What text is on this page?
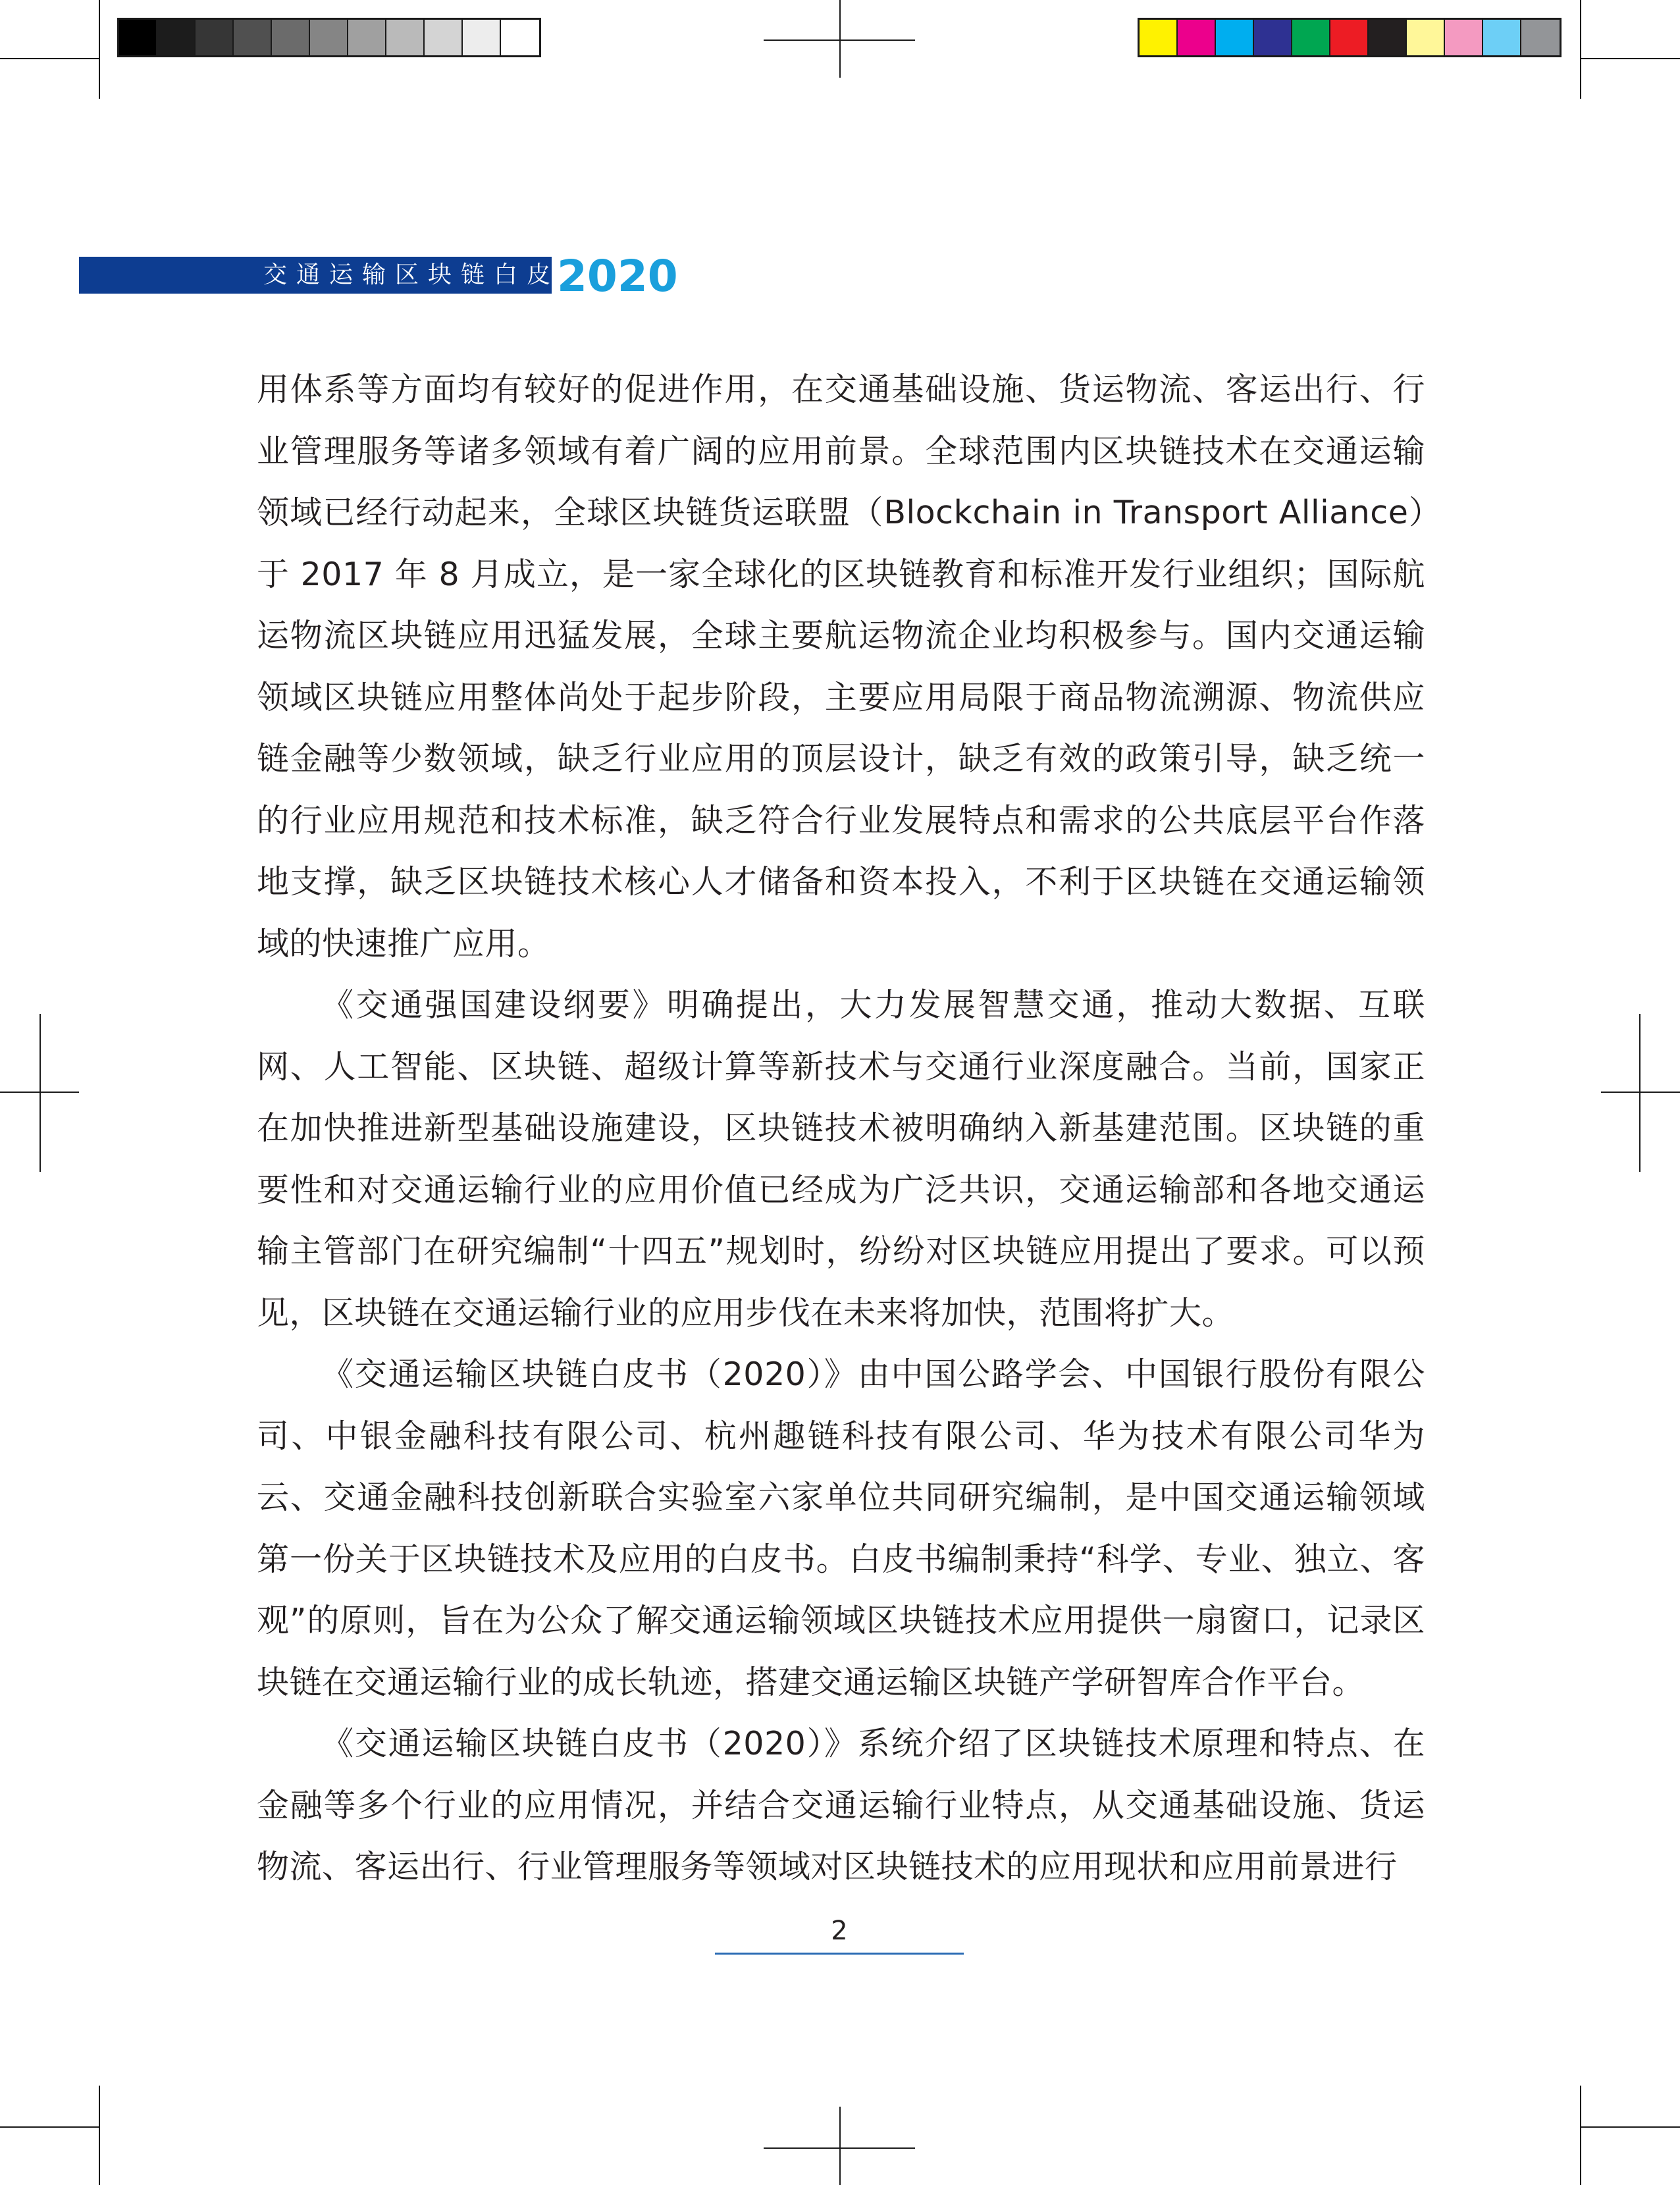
交通运输区块链白皮书
2020

用体系等方面均有较好的促进作用，在交通基础设施、货运物流、客运出行、行业管理服务等诸多领域有着广阔的应用前景。全球范围内区块链技术在交通运输领域已经行动起来，全球区块链货运联盟（Blockchain in Transport Alliance）于 2017 年 8 月成立，是一家全球化的区块链教育和标准开发行业组织；国际航运物流区块链应用迅猛发展，全球主要航运物流企业均积极参与。国内交通运输领域区块链应用整体尚处于起步阶段，主要应用局限于商品物流溯源、物流供应链金融等少数领域，缺乏行业应用的顶层设计，缺乏有效的政策引导，缺乏统一的行业应用规范和技术标准，缺乏符合行业发展特点和需求的公共底层平台作落地支撑，缺乏区块链技术核心人才储备和资本投入，不利于区块链在交通运输领域的快速推广应用。

《交通强国建设纲要》明确提出，大力发展智慧交通，推动大数据、互联网、人工智能、区块链、超级计算等新技术与交通行业深度融合。当前，国家正在加快推进新型基础设施建设，区块链技术被明确纳入新基建范围。区块链的重要性和对交通运输行业的应用价值已经成为广泛共识，交通运输部和各地交通运输主管部门在研究编制“十四五”规划时，纷纷对区块链应用提出了要求。可以预见，区块链在交通运输行业的应用步伐在未来将加快，范围将扩大。

《交通运输区块链白皮书（2020）》由中国公路学会、中国银行股份有限公司、中银金融科技有限公司、杭州趣链科技有限公司、华为技术有限公司华为云、交通金融科技创新联合实验室六家单位共同研究编制，是中国交通运输领域第一份关于区块链技术及应用的白皮书。白皮书编制秉持“科学、专业、独立、客观”的原则，旨在为公众了解交通运输领域区块链技术应用提供一扇窗口，记录区块链在交通运输行业的成长轨迹，搭建交通运输区块链产学研智库合作平台。

《交通运输区块链白皮书（2020）》系统介绍了区块链技术原理和特点、在金融等多个行业的应用情况，并结合交通运输行业特点，从交通基础设施、货运物流、客运出行、行业管理服务等领域对区块链技术的应用现状和应用前景进行

2
